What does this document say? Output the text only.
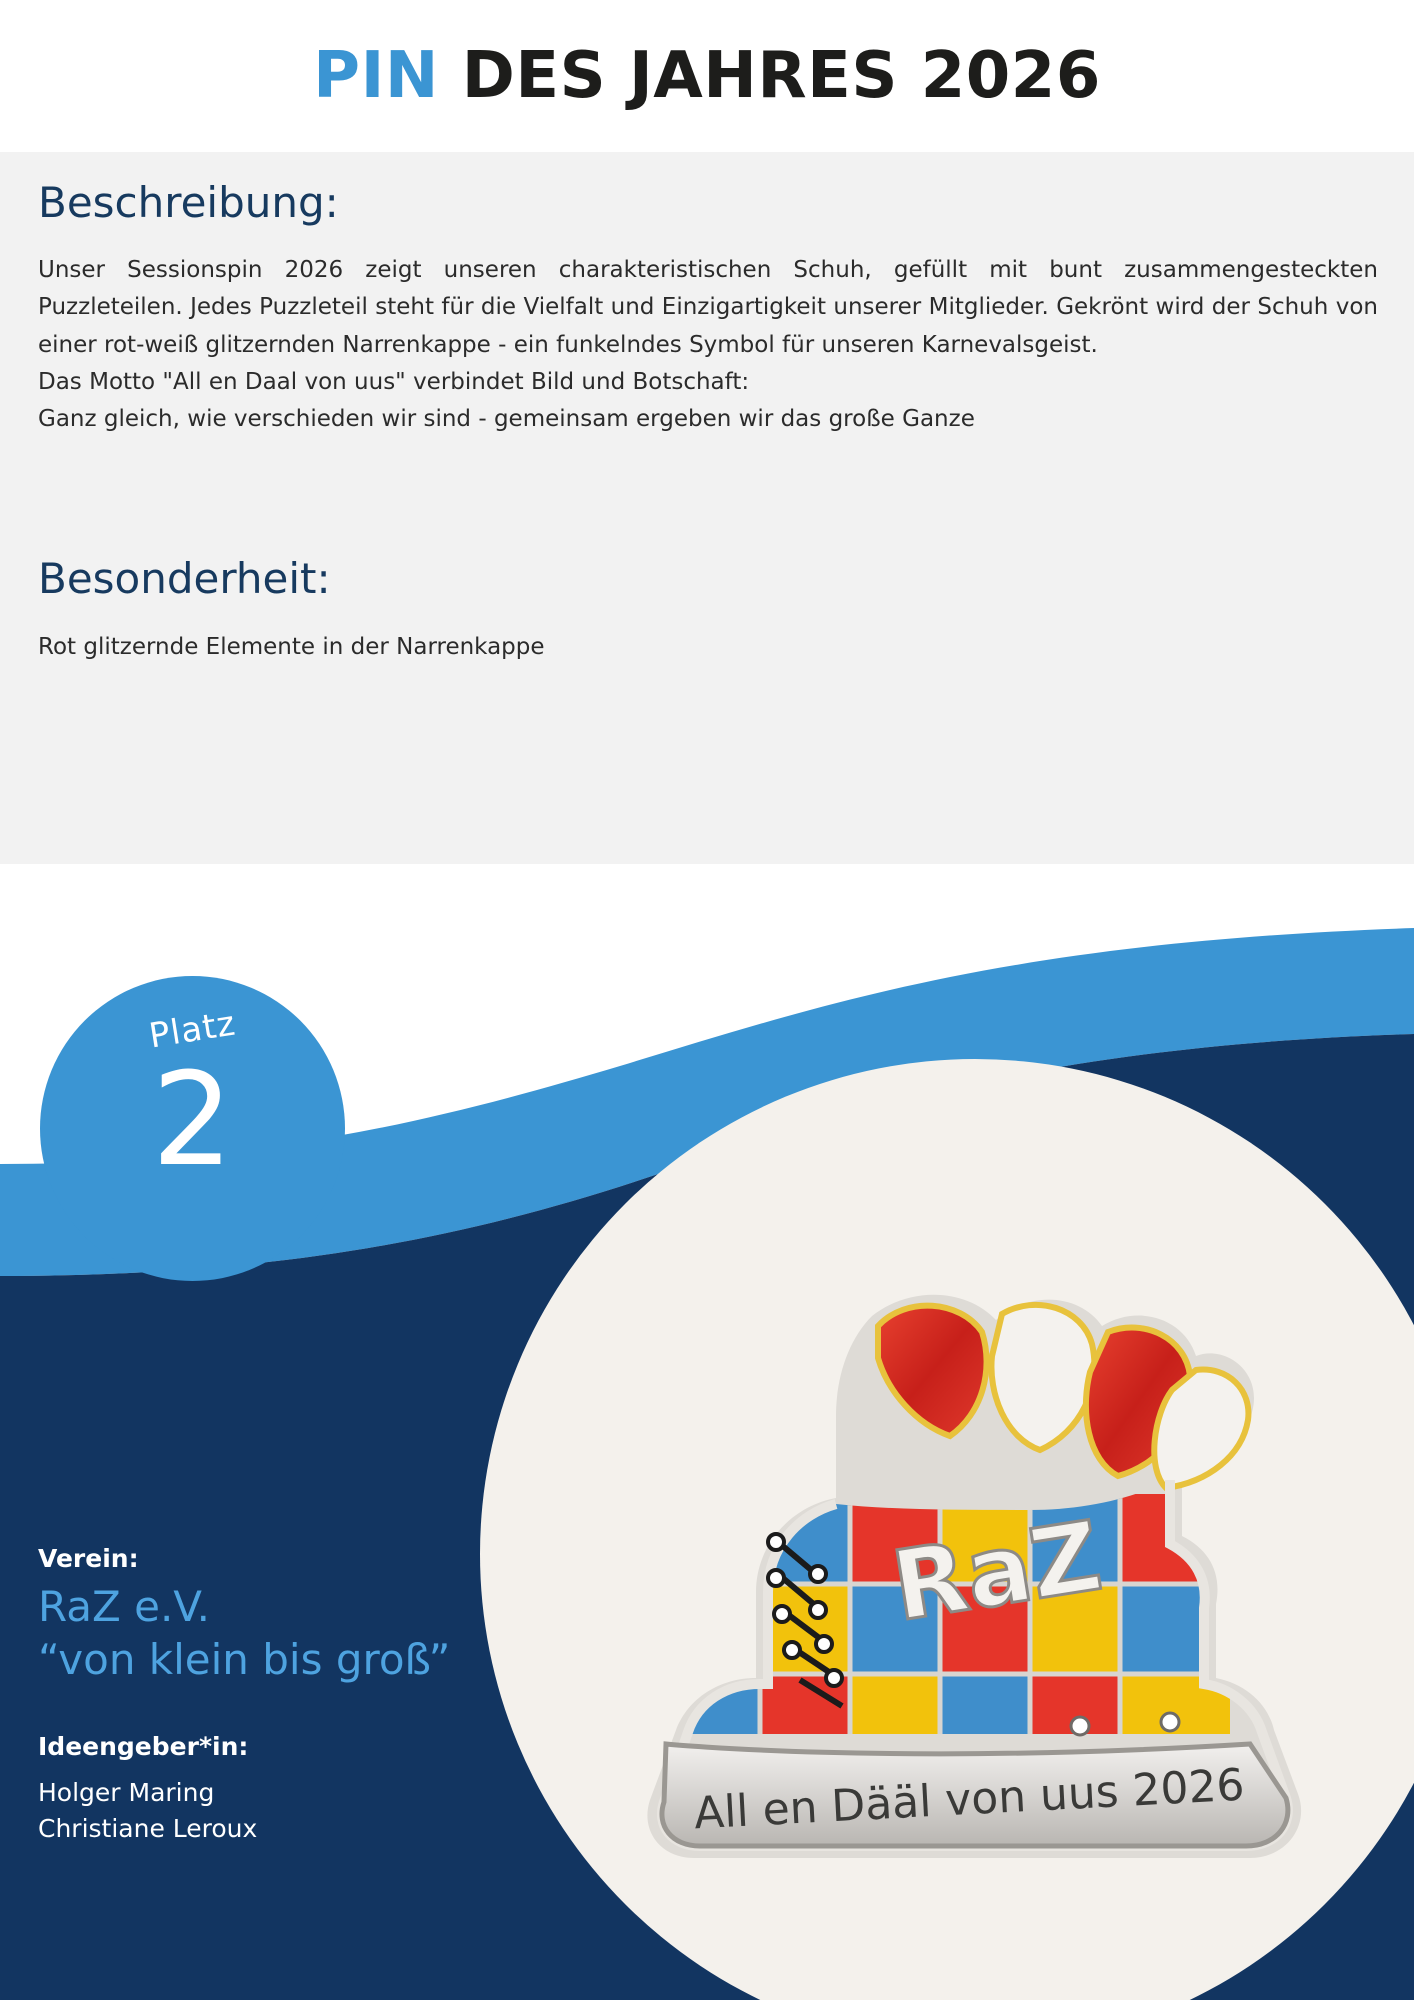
PIN DES JAHRES 2026
Beschreibung:

Unser Sessionspin 2026 zeigt unseren charakteristischen Schuh, gefüllt mit bunt zusammengesteckten Puzzleteilen. Jedes Puzzleteil steht für die Vielfalt und Einzigartigkeit unserer Mitglieder. Gekrönt wird der Schuh von einer rot-weiß glitzernden Narrenkappe - ein funkelndes Symbol für unseren Karnevalsgeist.

Das Motto "All en Daal von uus" verbindet Bild und Botschaft:

Ganz gleich, wie verschieden wir sind - gemeinsam ergeben wir das große Ganze

Besonderheit:

Rot glitzernde Elemente in der Narrenkappe

Platz
2

Verein:

RaZ e.V.

“von klein bis groß”

Ideengeber*in:

Holger Maring

Christiane Leroux

RaZ
All en Dääl von uus 2026
